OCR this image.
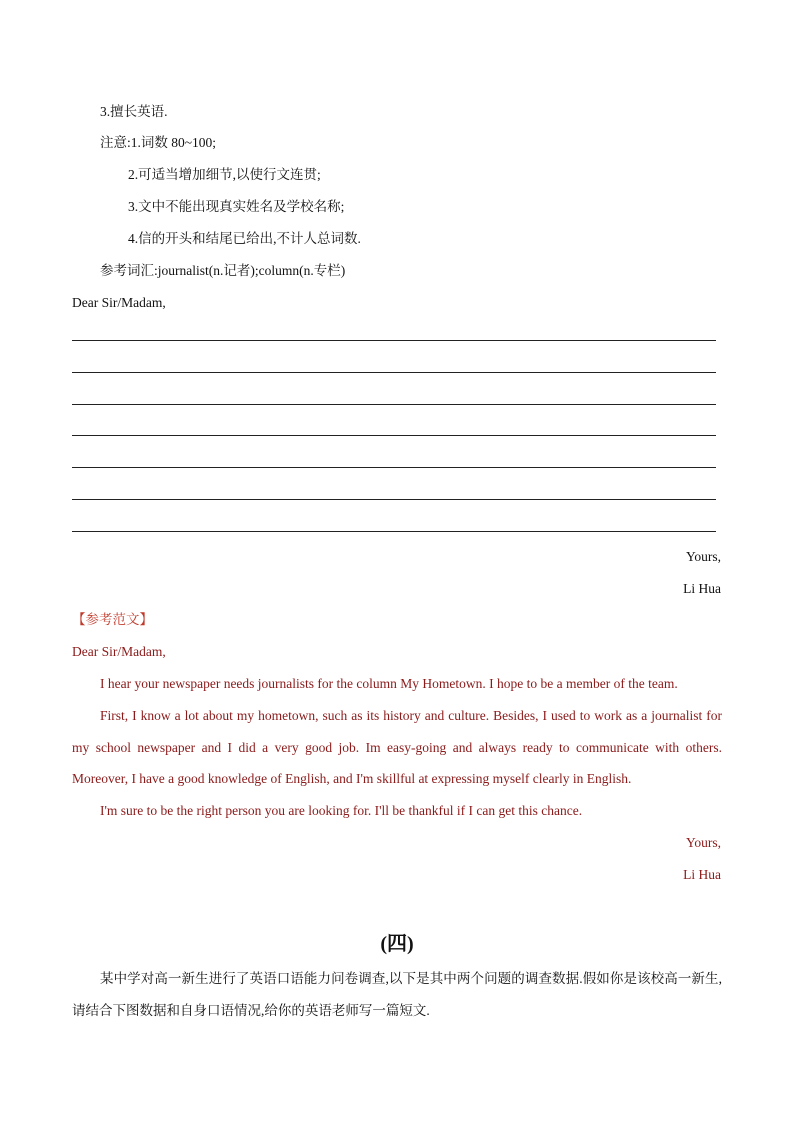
3.擅长英语.
注意:1.词数 80~100;
2.可适当增加细节,以使行文连贯;
3.文中不能出现真实姓名及学校名称;
4.信的开头和结尾已给出,不计人总词数.
参考词汇:journalist(n.记者);column(n.专栏)
Dear Sir/Madam,
Yours,
Li Hua
【参考范文】
Dear Sir/Madam,
I hear your newspaper needs journalists for the column My Hometown. I hope to be a member of the team.
First, I know a lot about my hometown, such as its history and culture. Besides, I used to work as a journalist for my school newspaper and I did a very good job. Im easy-going and always ready to communicate with others. Moreover, I have a good knowledge of English, and I'm skillful at expressing myself clearly in English.
I'm sure to be the right person you are looking for. I'll be thankful if I can get this chance.
Yours,
Li Hua
(四)
某中学对高一新生进行了英语口语能力问卷调查,以下是其中两个问题的调查数据.假如你是该校高一新生,请结合下图数据和自身口语情况,给你的英语老师写一篇短文.
